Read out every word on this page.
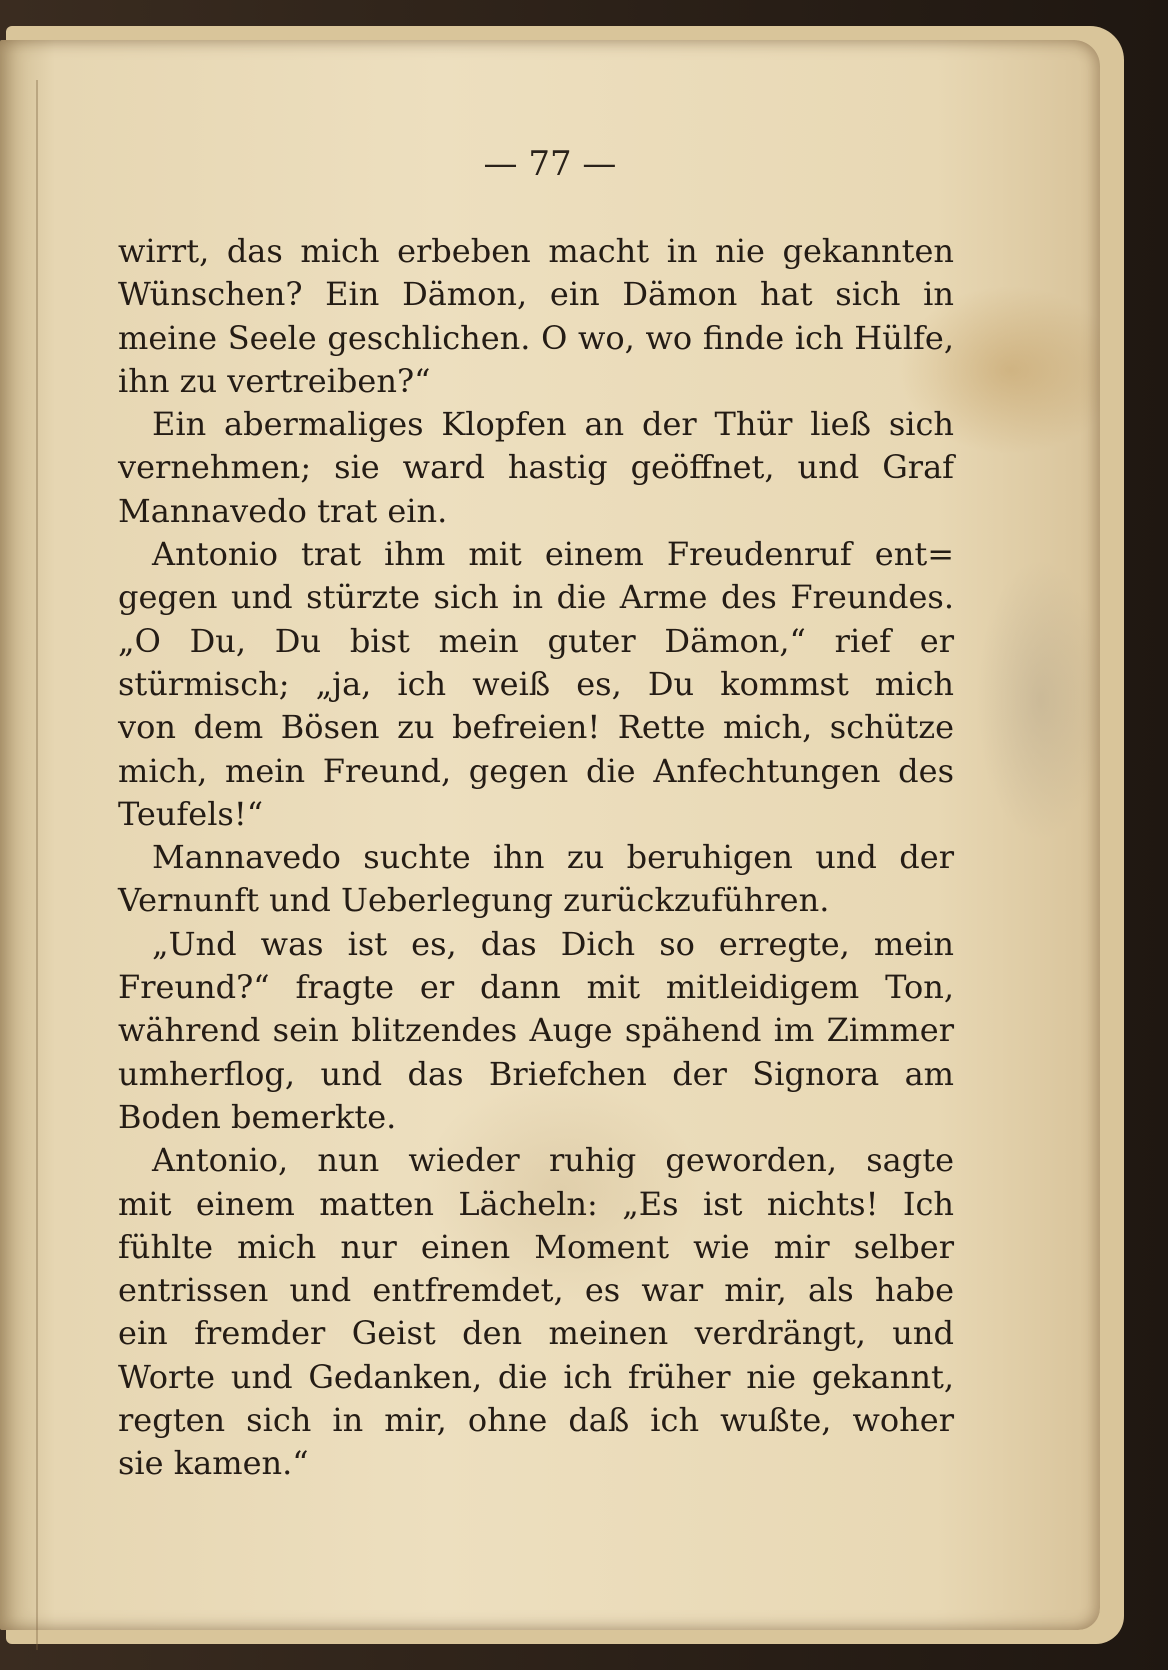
— 77 —
wirrt, das mich erbeben macht in nie gekannten
Wünschen? Ein Dämon, ein Dämon hat sich in
meine Seele geschlichen. O wo, wo finde ich Hülfe,
ihn zu vertreiben?“
Ein abermaliges Klopfen an der Thür ließ sich
vernehmen; sie ward hastig geöffnet, und Graf
Mannavedo trat ein.
Antonio trat ihm mit einem Freudenruf ent=
gegen und stürzte sich in die Arme des Freundes.
„O Du, Du bist mein guter Dämon,“ rief er
stürmisch; „ja, ich weiß es, Du kommst mich
von dem Bösen zu befreien! Rette mich, schütze
mich, mein Freund, gegen die Anfechtungen des
Teufels!“
Mannavedo suchte ihn zu beruhigen und der
Vernunft und Ueberlegung zurückzuführen.
„Und was ist es, das Dich so erregte, mein
Freund?“ fragte er dann mit mitleidigem Ton,
während sein blitzendes Auge spähend im Zimmer
umherflog, und das Briefchen der Signora am
Boden bemerkte.
Antonio, nun wieder ruhig geworden, sagte
mit einem matten Lächeln: „Es ist nichts! Ich
fühlte mich nur einen Moment wie mir selber
entrissen und entfremdet, es war mir, als habe
ein fremder Geist den meinen verdrängt, und
Worte und Gedanken, die ich früher nie gekannt,
regten sich in mir, ohne daß ich wußte, woher
sie kamen.“
